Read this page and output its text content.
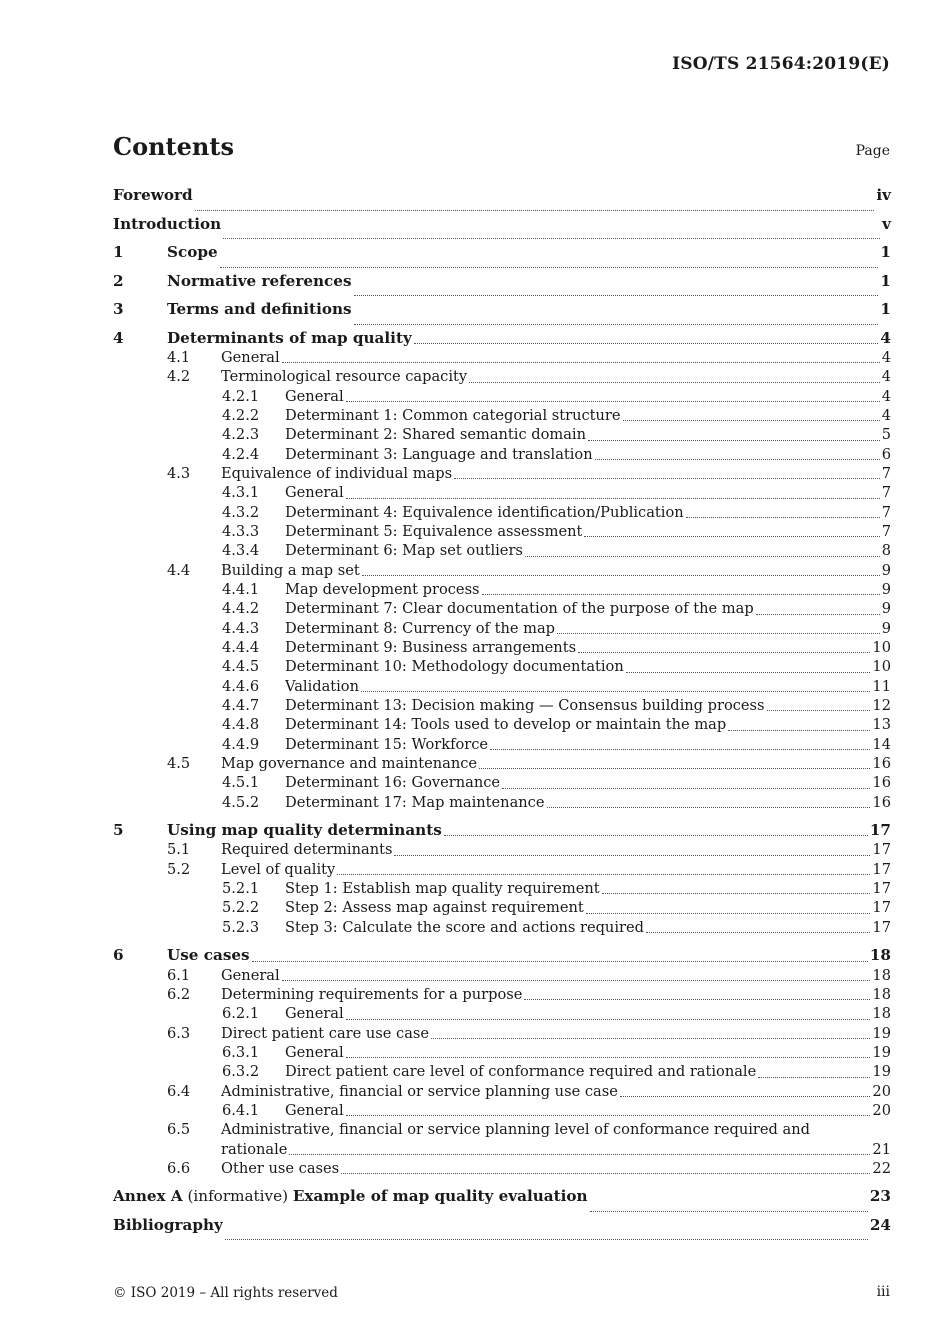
ISO/TS 21564:2019(E)
Contents	Page
Foreword	iv
Introduction	v
1	Scope	1
2	Normative references	1
3	Terms and definitions	1
4	Determinants of map quality	4
4.1	General	4
4.2	Terminological resource capacity	4
4.2.1	General	4
4.2.2	Determinant 1: Common categorial structure	4
4.2.3	Determinant 2: Shared semantic domain	5
4.2.4	Determinant 3: Language and translation	6
4.3	Equivalence of individual maps	7
4.3.1	General	7
4.3.2	Determinant 4: Equivalence identification/Publication	7
4.3.3	Determinant 5: Equivalence assessment	7
4.3.4	Determinant 6: Map set outliers	8
4.4	Building a map set	9
4.4.1	Map development process	9
4.4.2	Determinant 7: Clear documentation of the purpose of the map	9
4.4.3	Determinant 8: Currency of the map	9
4.4.4	Determinant 9: Business arrangements	10
4.4.5	Determinant 10: Methodology documentation	10
4.4.6	Validation	11
4.4.7	Determinant 13: Decision making — Consensus building process	12
4.4.8	Determinant 14: Tools used to develop or maintain the map	13
4.4.9	Determinant 15: Workforce	14
4.5	Map governance and maintenance	16
4.5.1	Determinant 16: Governance	16
4.5.2	Determinant 17: Map maintenance	16
5	Using map quality determinants	17
5.1	Required determinants	17
5.2	Level of quality	17
5.2.1	Step 1: Establish map quality requirement	17
5.2.2	Step 2: Assess map against requirement	17
5.2.3	Step 3: Calculate the score and actions required	17
6	Use cases	18
6.1	General	18
6.2	Determining requirements for a purpose	18
6.2.1	General	18
6.3	Direct patient care use case	19
6.3.1	General	19
6.3.2	Direct patient care level of conformance required and rationale	19
6.4	Administrative, financial or service planning use case	20
6.4.1	General	20
6.5	Administrative, financial or service planning level of conformance required and
rationale	21
6.6	Other use cases	22
Annex A (informative) Example of map quality evaluation	23
Bibliography	24
© ISO 2019 – All rights reserved	iii
